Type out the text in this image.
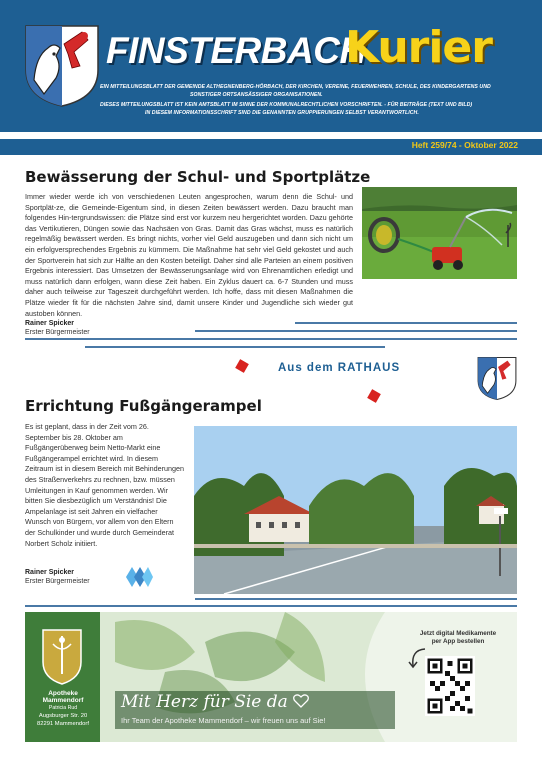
FINSTERBACH
Kurier
EIN MITTEILUNGSBLATT DER GEMEINDE ALTHEGNENBERG-HÖRBACH, DER KIRCHEN, VEREINE, FEUERWEHREN, SCHULE, DES KINDERGARTENS UND
SONSTIGER ORTSANSÄSSIGER ORGANISATIONEN.
DIESES MITTEILUNGSBLATT IST KEIN AMTSBLATT IM SINNE DER KOMMUNALRECHTLICHEN VORSCHRIFTEN. - FÜR BEITRÄGE (TEXT UND BILD)
IN DIESEM INFORMATIONSSCHRIFT SIND DIE GENANNTEN GRUPPIERUNGEN SELBST VERANTWORTLICH.
Heft 259/74 - Oktober 2022
Bewässerung der Schul- und Sportplätze

Immer wieder werde ich von verschiedenen Leuten angesprochen, warum denn die Schul- und Sportplät-ze, die Gemeinde-Eigentum sind, in diesen Zeiten bewässert werden. Dazu braucht man folgendes Hin-tergrundswissen: die Plätze sind erst vor kurzem neu hergerichtet worden. Dazu gehörte das Vertikutieren, Düngen sowie das Nachsäen von Gras. Damit das Gras wächst, muss es natürlich regelmäßig bewässert werden. Es bringt nichts, vorher viel Geld auszugeben und dann sich nicht um ein erfolgversprechendes Ergebnis zu kümmern. Die Maßnahme hat sehr viel Geld gekostet und auch der Sportverein hat sich zur Hälfte an den Kosten beteiligt. Daher sind alle Parteien an einem positiven Ergebnis interessiert. Das Umsetzen der Bewässerungsanlage wird von Ehrenamtlichen erledigt und muss natürlich dann erfolgen, wann diese Zeit haben. Ein Zyklus dauert ca. 6-7 Stunden und muss daher auch teilweise zur Tageszeit durchgeführt werden. Ich hoffe, dass mit diesen Maßnahmen die Plätze wieder fit für die nächsten Jahre sind, damit unsere Kinder und Jugendliche sich wieder gut austoben können.

Rainer Spicker
Erster Bürgermeister
Aus dem RATHAUS
Errichtung Fußgängerampel

Es ist geplant, dass in der Zeit vom 26. September bis 28. Oktober am Fußgängerüberweg beim Netto-Markt eine Fußgängerampel errichtet wird. In diesem Zeitraum ist in diesem Bereich mit Behinderungen des Straßenverkehrs zu rechnen, bzw. müssen Umleitungen in Kauf genommen werden. Wir bitten Sie diesbezüglich um Verständnis! Die Ampelanlage ist seit Jahren ein vielfacher Wunsch von Bürgern, vor allem von den Eltern der Schulkinder und wurde durch Gemeinderat Norbert Scholz initiiert.

Rainer Spicker
Erster Bürgermeister
Apotheke
Mammendorf
Patricia Rud
Augsburger Str. 20
82291 Mammendorf
Mit Herz für Sie da
Ihr Team der Apotheke Mammendorf – wir freuen uns auf Sie!
Jetzt digital Medikamente
per App bestellen
